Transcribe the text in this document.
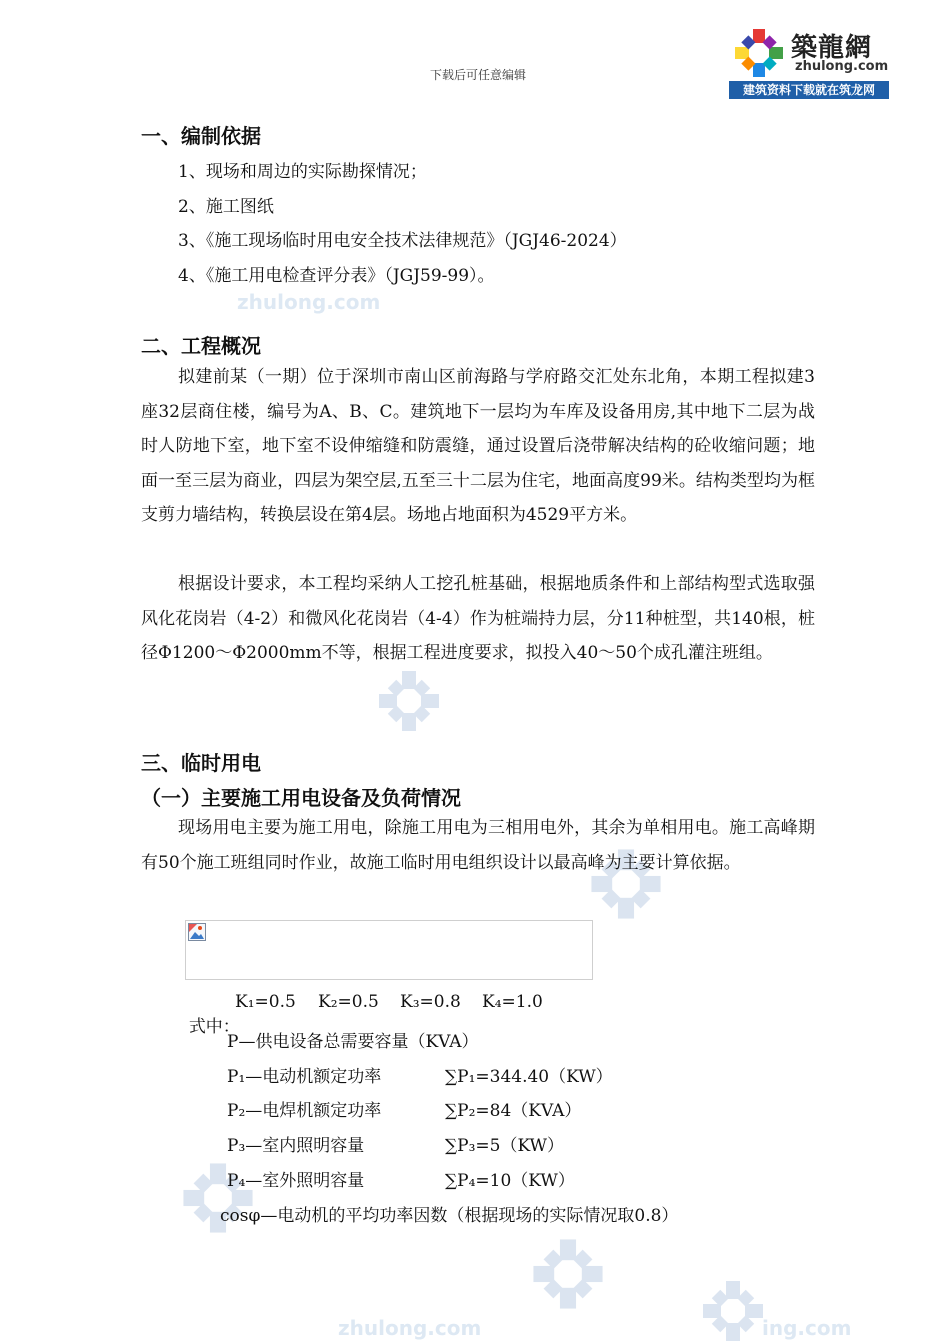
下载后可任意编辑
築龍網
zhulong.com
建筑资料下载就在筑龙网
zhulong.com
zhulong.com	ing.com
一、编制依据
1、现场和周边的实际勘探情况；
2、施工图纸
3、《施工现场临时用电安全技术法律规范》（JGJ46-2024）
4、《施工用电检查评分表》（JGJ59-99）。
二、工程概况
拟建前某（一期）位于深圳市南山区前海路与学府路交汇处东北角，本期工程拟建3座32层商住楼，编号为A、B、C。建筑地下一层均为车库及设备用房,其中地下二层为战时人防地下室，地下室不设伸缩缝和防震缝，通过设置后浇带解决结构的砼收缩问题；地面一至三层为商业，四层为架空层,五至三十二层为住宅，地面高度99米。结构类型均为框支剪力墙结构，转换层设在第4层。场地占地面积为4529平方米。
根据设计要求，本工程均采纳人工挖孔桩基础，根据地质条件和上部结构型式选取强风化花岗岩（4-2）和微风化花岗岩（4-4）作为桩端持力层，分11种桩型，共140根，桩径Φ1200～Φ2000mm不等，根据工程进度要求，拟投入40～50个成孔灌注班组。
三、临时用电
（一）主要施工用电设备及负荷情况
现场用电主要为施工用电，除施工用电为三相用电外，其余为单相用电。施工高峰期有50个施工班组同时作业，故施工临时用电组织设计以最高峰为主要计算依据。

式中：

K₁=0.5 K₂=0.5 K₃=0.8 K₄=1.0
P—供电设备总需要容量（KVA）
P₁—电动机额定功率	∑P₁=344.40（KW）
P₂—电焊机额定功率	∑P₂=84（KVA）
P₃—室内照明容量	∑P₃=5（KW）
P₄—室外照明容量	∑P₄=10（KW）
cosφ—电动机的平均功率因数（根据现场的实际情况取0.8）
